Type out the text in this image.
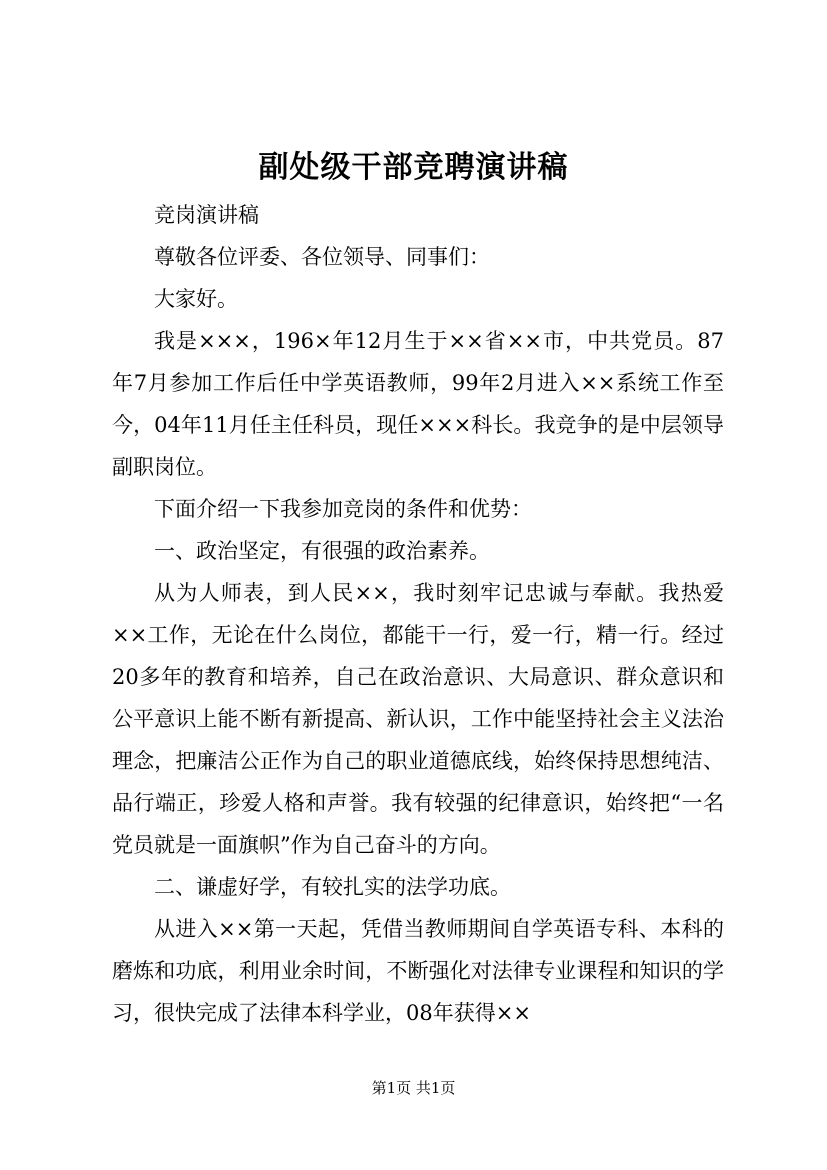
副处级干部竞聘演讲稿

竞岗演讲稿

尊敬各位评委、各位领导、同事们：

大家好。

我是×××，196×年12月生于××省××市，中共党员。87年7月参加工作后任中学英语教师，99年2月进入××系统工作至今，04年11月任主任科员，现任×××科长。我竞争的是中层领导副职岗位。

下面介绍一下我参加竞岗的条件和优势：

一、政治坚定，有很强的政治素养。

从为人师表，到人民××，我时刻牢记忠诚与奉献。我热爱××工作，无论在什么岗位，都能干一行，爱一行，精一行。经过20多年的教育和培养，自己在政治意识、大局意识、群众意识和公平意识上能不断有新提高、新认识，工作中能坚持社会主义法治理念，把廉洁公正作为自己的职业道德底线，始终保持思想纯洁、品行端正，珍爱人格和声誉。我有较强的纪律意识，始终把“一名党员就是一面旗帜”作为自己奋斗的方向。

二、谦虚好学，有较扎实的法学功底。

从进入××第一天起，凭借当教师期间自学英语专科、本科的磨炼和功底，利用业余时间，不断强化对法律专业课程和知识的学习，很快完成了法律本科学业，08年获得××

第1页 共1页
